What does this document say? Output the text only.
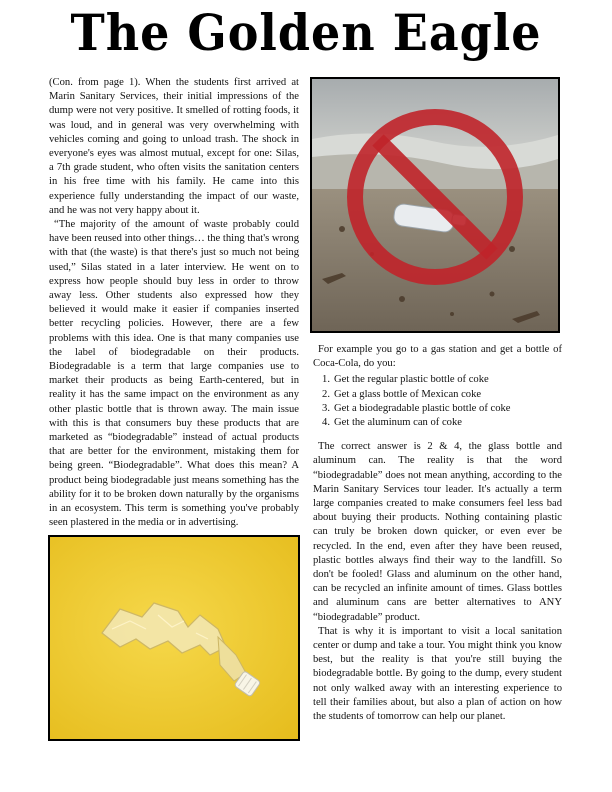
The Golden Eagle

(Con. from page 1). When the students first arrived at Marin Sanitary Services, their initial impressions of the dump were not very positive. It smelled of rotting foods, it was loud, and in general was very overwhelming with vehicles coming and going to unload trash. The shock in everyone's eyes was almost mutual, except for one: Silas, a 7th grade student, who often visits the sanitation centers in his free time with his family. He came into this experience fully understanding the impact of our waste, and he was not very happy about it.

“The majority of the amount of waste probably could have been reused into other things… the thing that's wrong with that (the waste) is that there's just so much not being used,” Silas stated in a later interview. He went on to express how people should buy less in order to throw away less. Other students also expressed how they believed it would make it easier if companies inserted better recycling policies. However, there are a few problems with this idea. One is that many companies use the label of biodegradable on their products. Biodegradable is a term that large companies use to market their products as being Earth-centered, but in reality it has the same impact on the environment as any other plastic bottle that is thrown away. The main issue with this is that consumers buy these products that are marketed as “biodegradable” instead of actual products that are better for the environment, mistaking them for being green. “Biodegradable”. What does this mean? A product being biodegradable just means something has the ability for it to be broken down naturally by the organisms in an ecosystem. This term is something you've probably seen plastered in the media or in advertising.

For example you go to a gas station and get a bottle of Coca-Cola, do you:

1. Get the regular plastic bottle of coke
2. Get a glass bottle of Mexican coke
3. Get a biodegradable plastic bottle of coke
4. Get the aluminum can of coke

The correct answer is 2 & 4, the glass bottle and aluminum can. The reality is that the word “biodegradable” does not mean anything, according to the Marin Sanitary Services tour leader. It's actually a term large companies created to make consumers feel less bad about buying their products. Nothing containing plastic can truly be broken down quicker, or even ever be recycled. In the end, even after they have been reused, plastic bottles always find their way to the landfill. So don't be fooled! Glass and aluminum on the other hand, can be recycled an infinite amount of times. Glass bottles and aluminum cans are better alternatives to ANY “biodegradable” product.

That is why it is important to visit a local sanitation center or dump and take a tour. You might think you know best, but the reality is that you're still buying the biodegradable bottle. By going to the dump, every student not only walked away with an interesting experience to tell their families about, but also a plan of action on how the students of tomorrow can help our planet.
